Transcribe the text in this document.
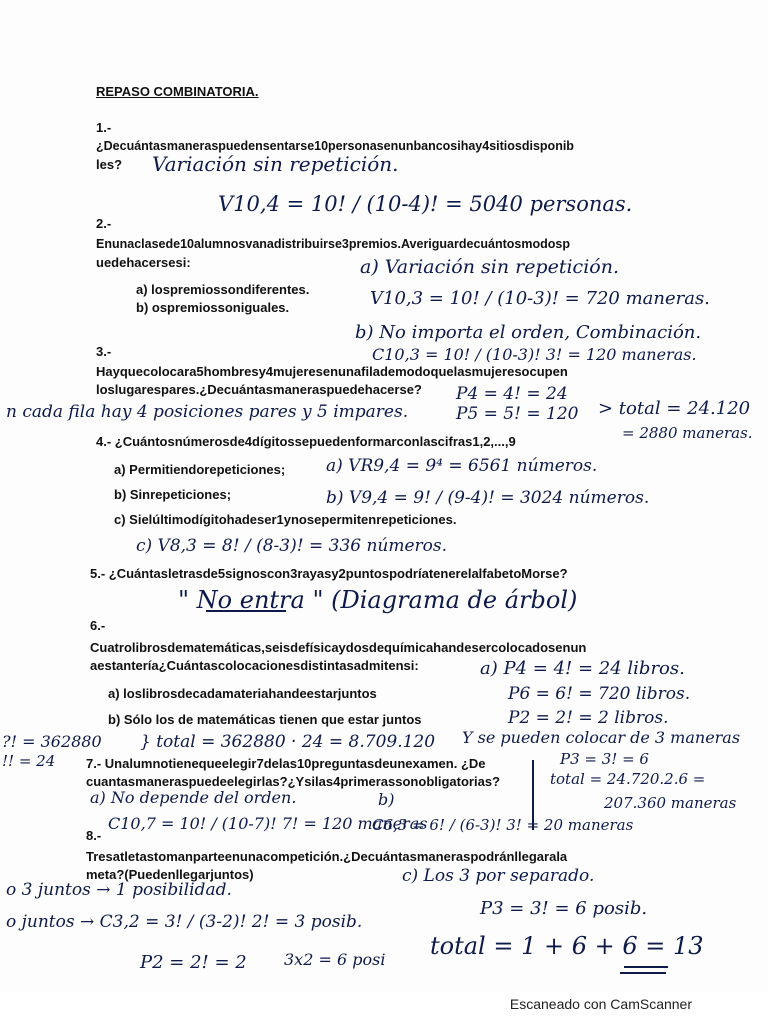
REPASO COMBINATORIA.
1.-
¿Decuántasmaneraspuedensentarse10personasenunbancosihay4sitiosdisponib
les?
2.-
Enunaclasede10alumnosvanadistribuirse3premios.Averiguardecuántosmodosp
uedehacersesi:
a) lospremiossondiferentes.
b) ospremiossoniguales.
3.-
Hayquecolocara5hombresy4mujeresenunafilademodoquelasmujeresocupen
loslugarespares.¿Decuántasmaneraspuedehacerse?
4.- ¿Cuántosnúmerosde4dígitossepuedenformarconlascifras1,2,...,9
a) Permitiendorepeticiones;
b) Sinrepeticiones;
c) Sielúltimodígitohadeser1ynosepermitenrepeticiones.
5.- ¿Cuántasletrasde5signoscon3rayasy2puntospodríatenerelalfabetoMorse?
6.-
Cuatrolibrosdematemáticas,seisdefísicaydosdequímicahandesercolocadosenun
aestantería¿Cuántascolocacionesdistintasadmitensi:
a) loslibrosdecadamateriahandeestarjuntos
b) Sólo los de matemáticas tienen que estar juntos
7.- Unalumnotienequeelegir7delas10preguntasdeunexamen. ¿De
cuantasmaneraspuedeelegirlas?¿Ysilas4primerassonobligatorias?
8.-
Tresatletastomanparteenunacompetición.¿Decuántasmaneraspodránllegarala
meta?(Puedenllegarjuntos)
Variación sin repetición.
V10,4 = 10! / (10-4)! = 5040 personas.
a) Variación sin repetición.
V10,3 = 10! / (10-3)! = 720 maneras.
b) No importa el orden, Combinación.
C10,3 = 10! / (10-3)! 3! = 120 maneras.
P4 = 4! = 24
P5 = 5! = 120 > total = 24.120
= 2880 maneras.
n cada fila hay 4 posiciones pares y 5 impares.
a) VR9,4 = 9⁴ = 6561 números.
b) V9,4 = 9! / (9-4)! = 3024 números.
c) V8,3 = 8! / (8-3)! = 336 números.
" No entra " (Diagrama de árbol)
a) P4 = 4! = 24 libros.
P6 = 6! = 720 libros.
P2 = 2! = 2 libros.
Y se pueden colocar de 3 maneras
P3 = 3! = 6
total = 24.720.2.6 =
207.360 maneras
?! = 362880
!! = 24
} total = 362880 · 24 = 8.709.120
a) No depende del orden.
C10,7 = 10! / (10-7)! 7! = 120 maneras
b)
C6,3 = 6! / (6-3)! 3! = 20 maneras
o 3 juntos → 1 posibilidad.
o juntos → C3,2 = 3! / (3-2)! 2! = 3 posib.
P2 = 2! = 2 3x2 = 6 posi
c) Los 3 por separado.
P3 = 3! = 6 posib.
total = 1 + 6 + 6 = 13
Escaneado con CamScanner
